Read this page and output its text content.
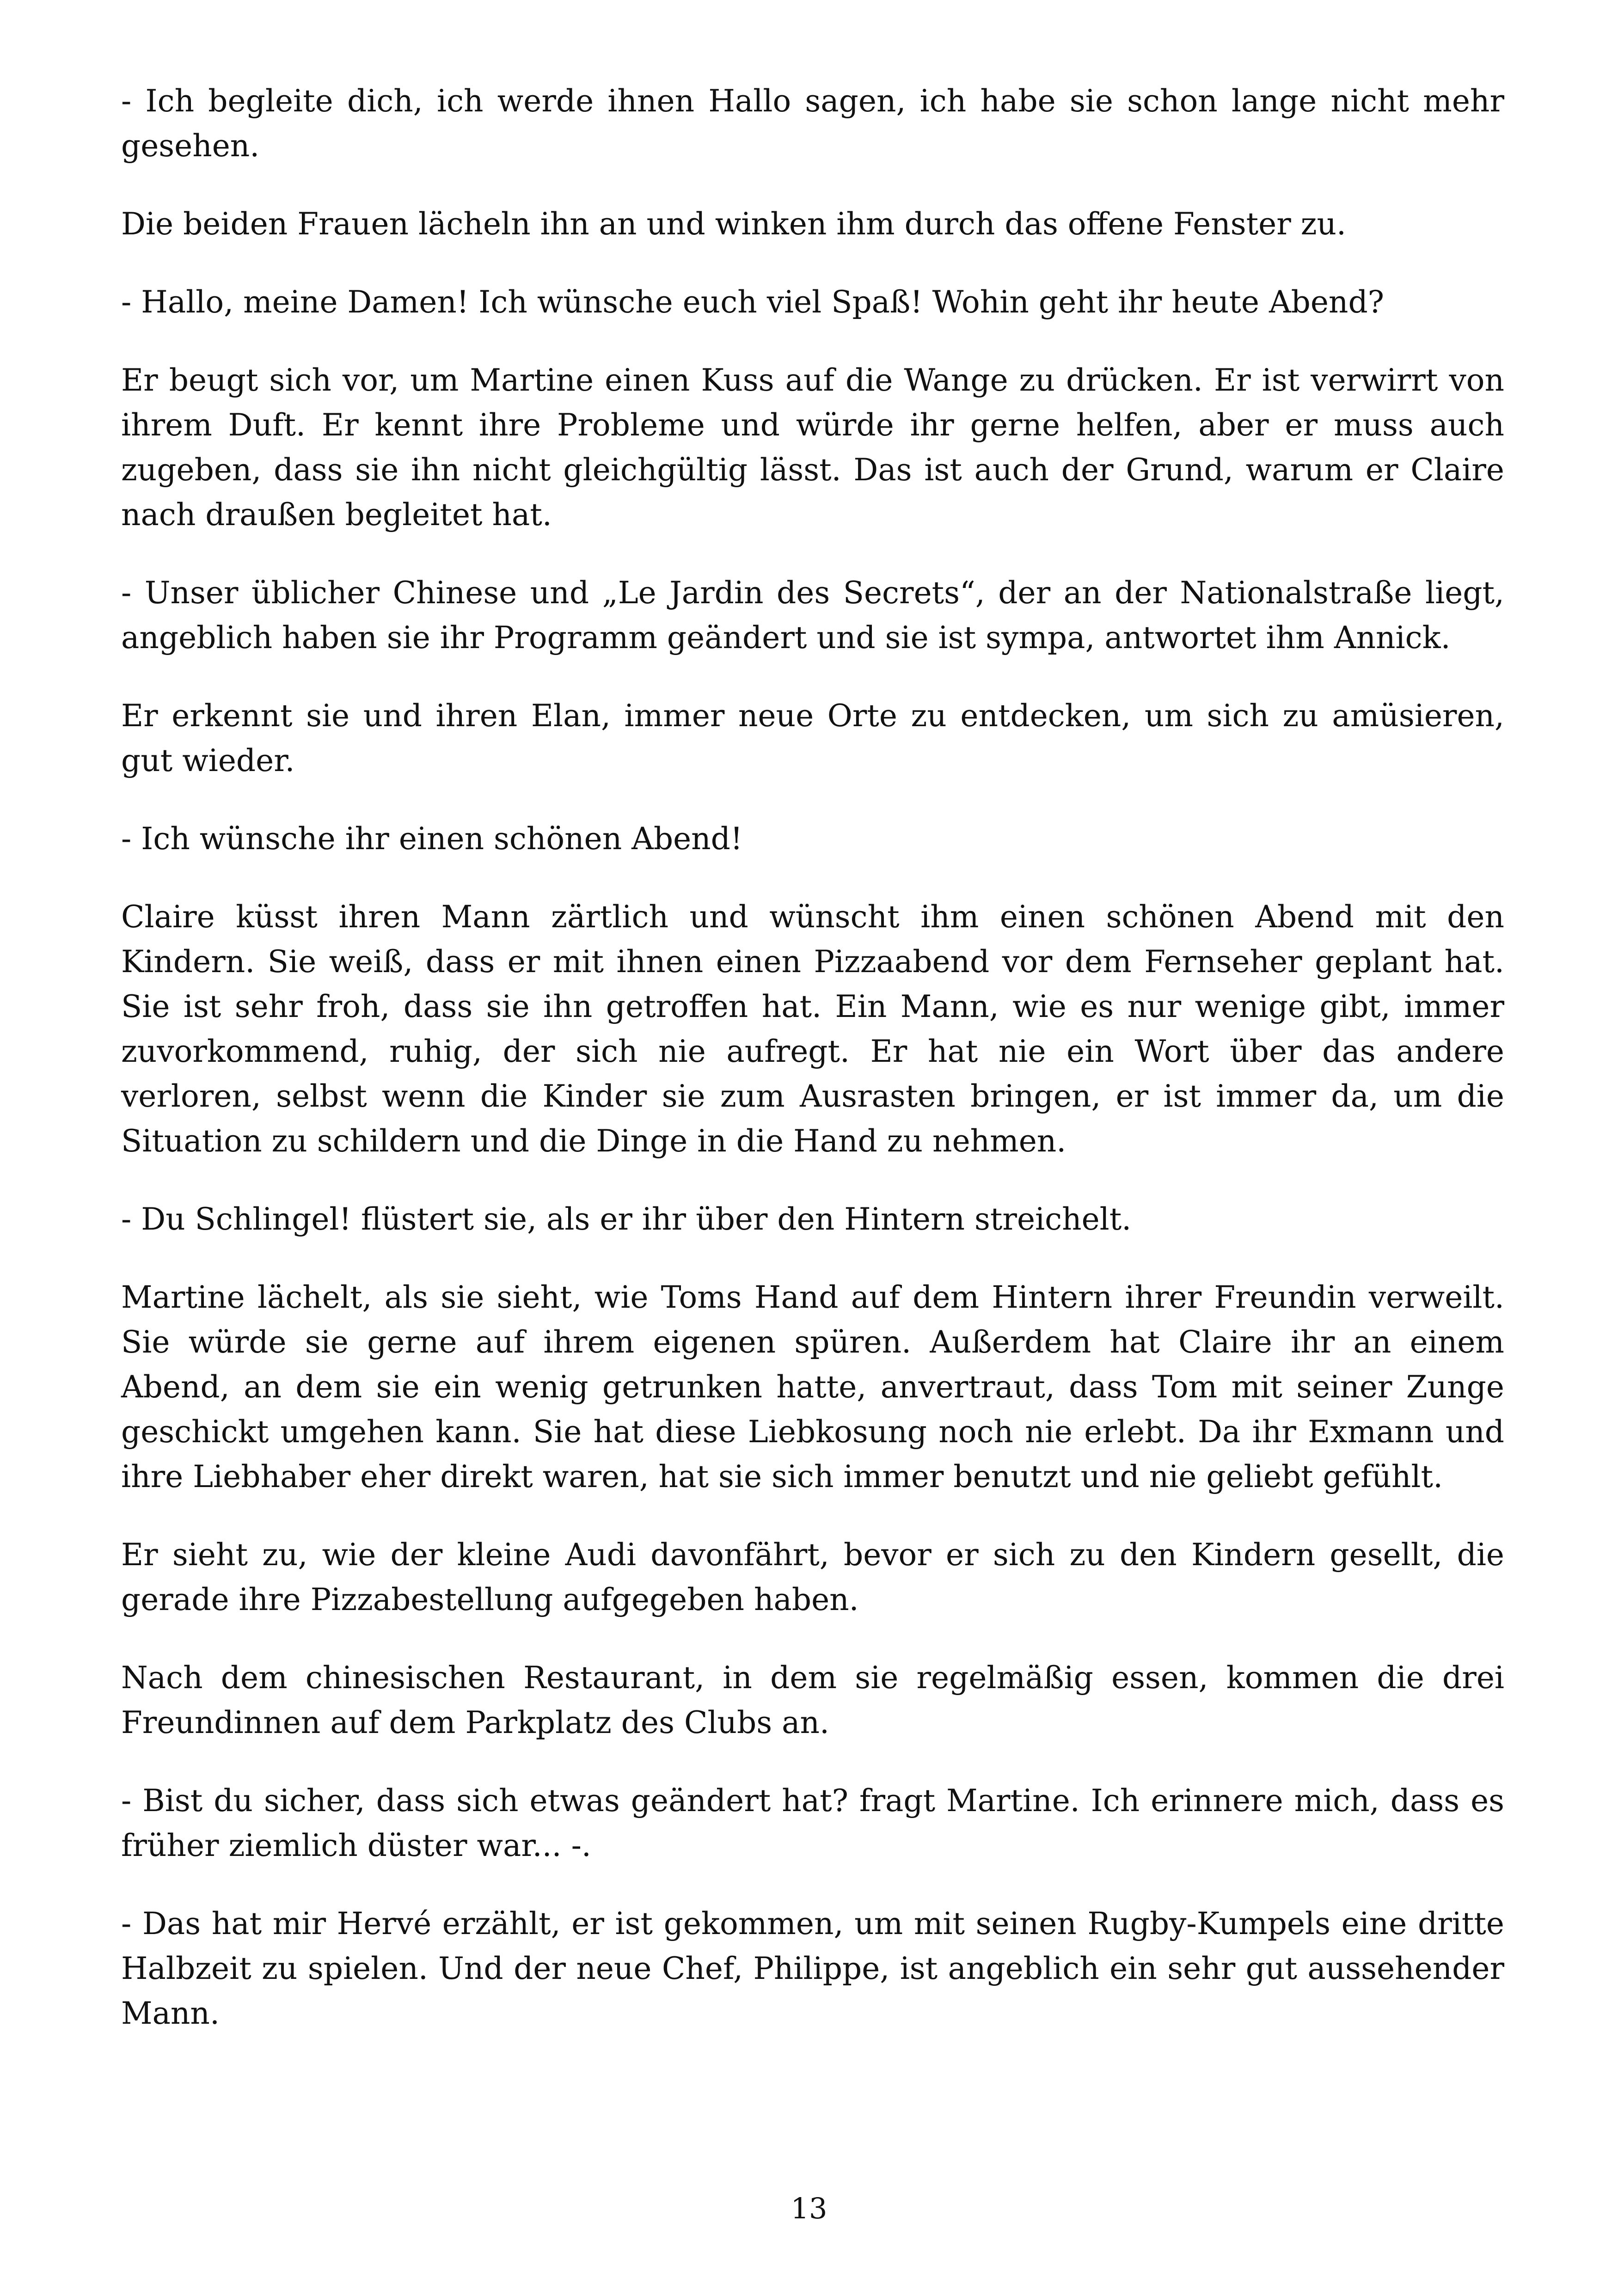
- Ich begleite dich, ich werde ihnen Hallo sagen, ich habe sie schon lange nicht mehr gesehen.

Die beiden Frauen lächeln ihn an und winken ihm durch das offene Fenster zu.

- Hallo, meine Damen! Ich wünsche euch viel Spaß! Wohin geht ihr heute Abend?

Er beugt sich vor, um Martine einen Kuss auf die Wange zu drücken. Er ist verwirrt von ihrem Duft. Er kennt ihre Probleme und würde ihr gerne helfen, aber er muss auch zugeben, dass sie ihn nicht gleichgültig lässt. Das ist auch der Grund, warum er Claire nach draußen begleitet hat.

- Unser üblicher Chinese und „Le Jardin des Secrets“, der an der Nationalstraße liegt, angeblich haben sie ihr Programm geändert und sie ist sympa, antwortet ihm Annick.

Er erkennt sie und ihren Elan, immer neue Orte zu entdecken, um sich zu amüsieren, gut wieder.

- Ich wünsche ihr einen schönen Abend!

Claire küsst ihren Mann zärtlich und wünscht ihm einen schönen Abend mit den Kindern. Sie weiß, dass er mit ihnen einen Pizzaabend vor dem Fernseher geplant hat. Sie ist sehr froh, dass sie ihn getroffen hat. Ein Mann, wie es nur wenige gibt, immer zuvorkommend, ruhig, der sich nie aufregt. Er hat nie ein Wort über das andere verloren, selbst wenn die Kinder sie zum Ausrasten bringen, er ist immer da, um die Situation zu schildern und die Dinge in die Hand zu nehmen.

- Du Schlingel! flüstert sie, als er ihr über den Hintern streichelt.

Martine lächelt, als sie sieht, wie Toms Hand auf dem Hintern ihrer Freundin verweilt. Sie würde sie gerne auf ihrem eigenen spüren. Außerdem hat Claire ihr an einem Abend, an dem sie ein wenig getrunken hatte, anvertraut, dass Tom mit seiner Zunge geschickt umgehen kann. Sie hat diese Liebkosung noch nie erlebt. Da ihr Exmann und ihre Liebhaber eher direkt waren, hat sie sich immer benutzt und nie geliebt gefühlt.

Er sieht zu, wie der kleine Audi davonfährt, bevor er sich zu den Kindern gesellt, die gerade ihre Pizzabestellung aufgegeben haben.

Nach dem chinesischen Restaurant, in dem sie regelmäßig essen, kommen die drei Freundinnen auf dem Parkplatz des Clubs an.

- Bist du sicher, dass sich etwas geändert hat? fragt Martine. Ich erinnere mich, dass es früher ziemlich düster war... -.

- Das hat mir Hervé erzählt, er ist gekommen, um mit seinen Rugby-Kumpels eine dritte Halbzeit zu spielen. Und der neue Chef, Philippe, ist angeblich ein sehr gut aussehender Mann.

13
